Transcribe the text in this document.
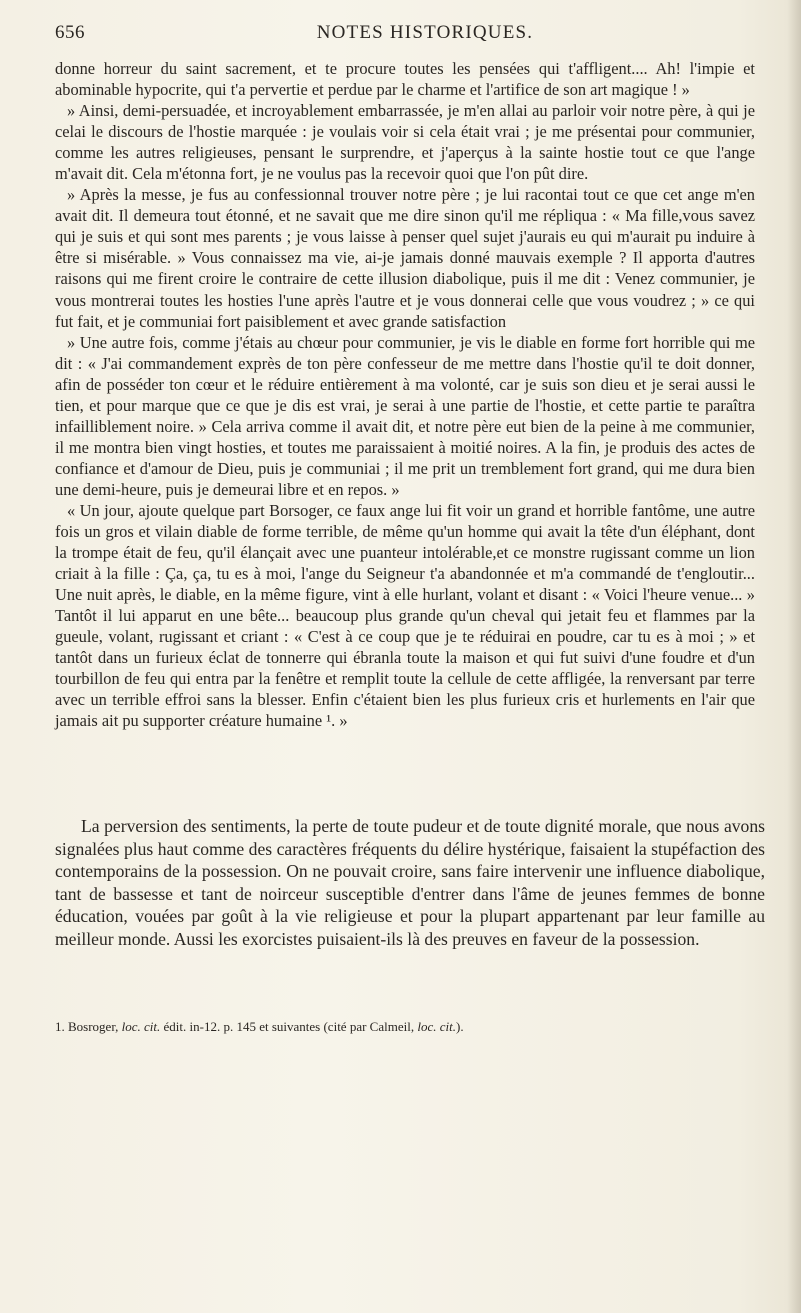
656	NOTES HISTORIQUES.

donne horreur du saint sacrement, et te procure toutes les pensées qui t'affligent.... Ah! l'impie et abominable hypocrite, qui t'a pervertie et perdue par le charme et l'artifice de son art magique ! »

» Ainsi, demi-persuadée, et incroyablement embarrassée, je m'en allai au parloir voir notre père, à qui je celai le discours de l'hostie marquée : je voulais voir si cela était vrai ; je me présentai pour communier, comme les autres religieuses, pensant le surprendre, et j'aperçus à la sainte hostie tout ce que l'ange m'avait dit. Cela m'étonna fort, je ne voulus pas la recevoir quoi que l'on pût dire.

» Après la messe, je fus au confessionnal trouver notre père ; je lui racontai tout ce que cet ange m'en avait dit. Il demeura tout étonné, et ne savait que me dire sinon qu'il me répliqua : « Ma fille,vous savez qui je suis et qui sont mes parents ; je vous laisse à penser quel sujet j'aurais eu qui m'aurait pu induire à être si misérable. » Vous connaissez ma vie, ai-je jamais donné mauvais exemple ? Il apporta d'autres raisons qui me firent croire le contraire de cette illusion diabolique, puis il me dit : Venez communier, je vous montrerai toutes les hosties l'une après l'autre et je vous donnerai celle que vous voudrez ; » ce qui fut fait, et je communiai fort paisiblement et avec grande satisfaction

» Une autre fois, comme j'étais au chœur pour communier, je vis le diable en forme fort horrible qui me dit : « J'ai commandement exprès de ton père confesseur de me mettre dans l'hostie qu'il te doit donner, afin de posséder ton cœur et le réduire entièrement à ma volonté, car je suis son dieu et je serai aussi le tien, et pour marque que ce que je dis est vrai, je serai à une partie de l'hostie, et cette partie te paraîtra infailliblement noire. » Cela arriva comme il avait dit, et notre père eut bien de la peine à me communier, il me montra bien vingt hosties, et toutes me paraissaient à moitié noires. A la fin, je produis des actes de confiance et d'amour de Dieu, puis je communiai ; il me prit un tremblement fort grand, qui me dura bien une demi-heure, puis je demeurai libre et en repos. »

« Un jour, ajoute quelque part Borsoger, ce faux ange lui fit voir un grand et horrible fantôme, une autre fois un gros et vilain diable de forme terrible, de même qu'un homme qui avait la tête d'un éléphant, dont la trompe était de feu, qu'il élançait avec une puanteur intolérable,et ce monstre rugissant comme un lion criait à la fille : Ça, ça, tu es à moi, l'ange du Seigneur t'a abandonnée et m'a commandé de t'engloutir... Une nuit après, le diable, en la même figure, vint à elle hurlant, volant et disant : « Voici l'heure venue... » Tantôt il lui apparut en une bête... beaucoup plus grande qu'un cheval qui jetait feu et flammes par la gueule, volant, rugissant et criant : « C'est à ce coup que je te réduirai en poudre, car tu es à moi ; » et tantôt dans un furieux éclat de tonnerre qui ébranla toute la maison et qui fut suivi d'une foudre et d'un tourbillon de feu qui entra par la fenêtre et remplit toute la cellule de cette affligée, la renversant par terre avec un terrible effroi sans la blesser. Enfin c'étaient bien les plus furieux cris et hurlements en l'air que jamais ait pu supporter créature humaine ¹. »

La perversion des sentiments, la perte de toute pudeur et de toute dignité morale, que nous avons signalées plus haut comme des caractères fréquents du délire hystérique, faisaient la stupéfaction des contemporains de la possession. On ne pouvait croire, sans faire intervenir une influence diabolique, tant de bassesse et tant de noirceur susceptible d'entrer dans l'âme de jeunes femmes de bonne éducation, vouées par goût à la vie religieuse et pour la plupart appartenant par leur famille au meilleur monde. Aussi les exorcistes puisaient-ils là des preuves en faveur de la possession.

1. Bosroger, loc. cit. édit. in-12. p. 145 et suivantes (cité par Calmeil, loc. cit.).
